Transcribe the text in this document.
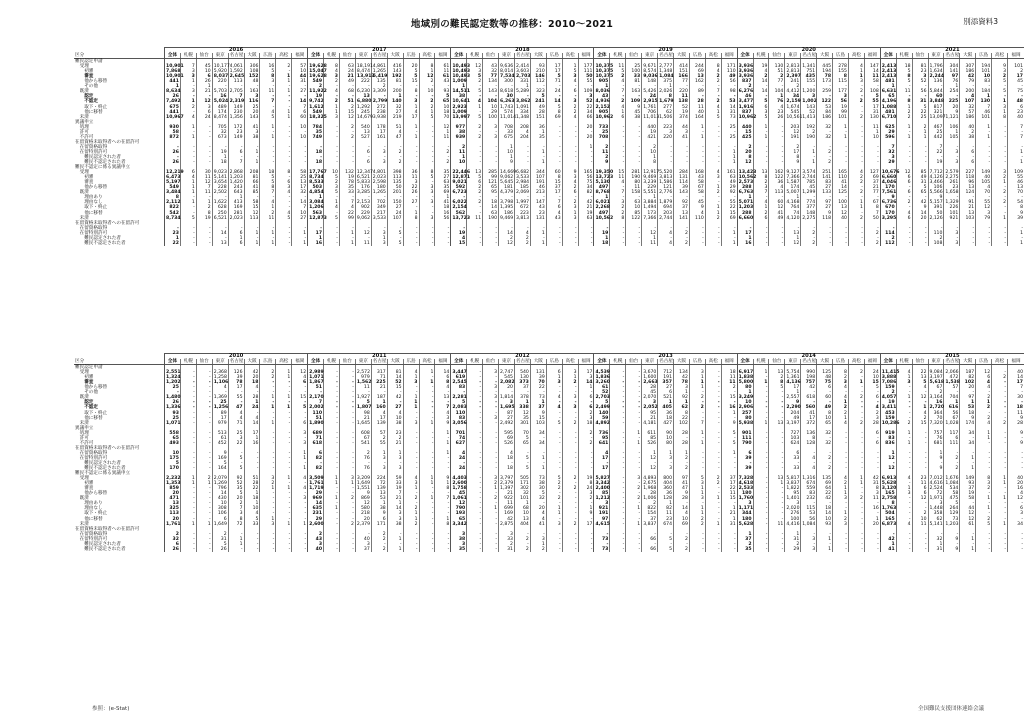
地域別の難民認定数等の推移：2010～2021	別添資料3
	2016									2017									2018									2019									2020									2021								
区分	全体	札幌	仙台	東京	名古屋	大阪	広島	高松	福岡	全体	札幌	仙台	東京	名古屋	大阪	広島	高松	福岡	全体	札幌	仙台	東京	名古屋	大阪	広島	高松	福岡	全体	札幌	仙台	東京	名古屋	大阪	広島	高松	福岡	全体	札幌	仙台	東京	名古屋	大阪	広島	高松	福岡	全体	札幌	仙台	東京	名古屋	大阪	広島	高松	福岡
難民認定申請																																																						
　受理	10,901	7	45	10,177	4,061	306	16	2	57	19,628	8	63	18,191	4,861	416	20	8	61	10,493	12	43	9,636	2,414	93	17	1	177	10,375	11	25	9,671	2,777	414	244	8	171	3,936	19	130	2,813	1,341	445	278	4	147	2,413	18	81	1,796	304	307	194	9	101
　　初審	7,868	3	10	5,920	1,592	108	5	-	10	15,047	4	24	8,474	1,265	143	5	1	11	10,493	3	32	8,014	3,603	210	17	5	111	10,375	5	100	8,574	1,348	151	69	4	110	3,936	4	51	2,813	751	194	155	1	14	2,413	5	23	1,634	141	186	101	3	2
　　審査	10,901	3	6	8,037	2,645	152	8	1	44	19,628	3	21	13,913	5,419	192	5	12	61	10,493	5	77	7,534	2,703	146	5	3	50	10,375	2	33	9,036	1,084	166	13	2	49	3,936	2	2	2,397	435	78	8	1	11	2,413	8	3	2,244	97	42	10	2	17
　　他から移替	441	1	26	220	113	48	3	1	31	549	2	49	222	135	81	15	2	43	1,009	2	134	300	331	112	71	4	55	905	4	81	148	375	77	162	2	56	837	14	77	241	155	173	115	3	58	481	5	52	136	76	79	83	5	45
　　その他	1	-	1	-	-	-	-	-	-	2	-	-	-	2	-	-	-	-	1	-	-	-	1	-	-	-	-	1	-	-	-	1	-	-	-	-	2	-	-	2	-	-	-	-	-	1	-	-	-	1	-	-	-	-
　既済	8,634	3	21	5,703	2,705	163	11	1	27	11,922	4	68	6,230	3,309	200	8	10	93	14,511	5	143	8,618	5,289	323	24	6	109	8,036	7	163	5,426	2,026	220	89	7	98	6,276	14	104	4,412	1,200	259	177	2	108	6,631	11	56	5,844	254	200	184	5	75
　　認定	26	-	-	16	7	3	-	-	-	19	-	-	13	-	1	-	-	5	38	-	-	30	-	5	-	-	3	43	-	-	24	8	11	-	-	-	46	-	1	34	3	-	3	-	5	65	-	-	60	-	4	1	-	-
　　不認定	7,492	1	12	5,024	2,319	116	7	-	14	9,742	2	51	6,880	2,799	140	3	2	65	10,641	4	104	6,263	3,862	241	14	3	52	4,936	2	109	2,915	1,679	138	28	2	53	3,477	5	76	2,159	1,002	122	56	2	55	4,196	8	31	3,848	225	107	130	1	48
　　取下・終止	675	2	3	489	149	25	-	-	7	1,612	1	2	1,292	272	32	1	2	10	2,923	1	10	1,743	1,091	49	5	2	22	2,152	4	9	1,761	277	52	11	4	14	1,916	6	4	1,674	143	53	19	-	17	1,088	1	5	817	20	32	7	3	6
　　他に移替	441	-	6	174	230	20	4	1	6	549	1	15	245	238	27	4	1	18	1,009	-	29	574	334	28	8	2	34	905	1	45	706	62	19	40	1	31	837	3	23	545	52	84	99	-	31	481	2	22	321	9	57	46	1	23
　未済	10,967	4	24	8,474	1,356	143	5	1	60	18,325	3	12	14,679	3,938	219	17	5	70	13,997	5	100	11,014	1,348	151	69	4	66	10,962	6	38	11,013	1,506	374	164	5	73	10,962	5	26	10,561	1,413	186	101	2	130	6,710	2	25	13,097	1,121	186	101	8	40
異議申立																																																						
　処理	930	1	-	705	172	41	1	-	10	784	-	2	540	178	51	1	-	12	977	2	3	708	208	36	-	-	20	733	-	-	440	223	44	1	-	25	440	1	-	203	192	32	1	-	11	625	1	2	467	106	40	1	-	7
　許可	58	-	-	32	23	3	-	-	-	35	-	-	13	17	4	-	-	1	38	-	-	33	4	1	-	-	-	25	-	-	19	3	3	-	-	-	15	-	-	12	2	-	-	-	1	29	-	1	25	1	2	-	-	-
　不許可	872	1	-	673	149	38	1	-	10	749	-	2	527	161	47	1	-	11	939	2	3	675	204	35	-	-	20	708	-	-	421	220	41	1	-	25	425	1	-	191	190	32	1	-	10	596	1	1	442	105	38	1	-	7
在留資格未取得者への在留許可																																																						
　在留資格取得	-	-	-	-	-	-	-	-	-	-	-	-	-	-	-	-	-	-	2	-	-	1	-	-	-	-	1	2	-	-	2	-	-	-	-	-	2	-	-	2	-	-	-	-	-	7	-	-	7	-	-	-	-	-
　在留特別許可	26	-	-	19	6	1	-	-	-	18	-	-	6	3	2	-	-	2	11	-	-	10	-	1	-	-	-	11	-	-	10	-	-	-	-	1	20	-	-	17	1	2	-	-	-	32	-	-	22	3	6	-	-	1
　　難民認定された者	-	-	-	1	-	-	-	-	-	-	-	-	-	-	-	-	-	-	1	-	-	1	-	-	-	-	-	2	-	-	1	-	-	-	-	1	8	-	-	8	-	-	-	-	-	3	-	-	-	-	-	-	-	-
　　難民不認定された者	26	-	-	18	7	1	-	-	-	18	-	-	6	3	2	-	-	2	10	-	-	9	-	1	-	-	-	9	-	-	8	-	-	-	-	1	12	-	-	9	1	2	-	-	-	29	-	-	19	3	6	-	-	1

難民不認定に係る異議申立																																																						
　受理	12,219	6	30	9,023	2,868	208	18	8	58	17,767	10	132	12,347	4,801	398	36	8	35	22,446	13	285	14,669	6,682	344	60	9	165	19,350	15	281	12,917	5,520	284	168	4	161	13,423	13	162	9,127	3,574	251	165	4	127	10,676	12	85	7,712	2,579	227	149	3	109
　　初審	6,473	4	11	5,141	1,203	81	5	-	25	8,734	5	19	6,521	2,023	113	11	5	27	12,871	5	99	9,062	3,533	107	8	3	56	13,723	11	190	9,469	3,813	131	43	3	63	10,562	8	122	7,366	2,744	141	110	2	69	6,660	6	49	4,126	2,275	118	40	2	55
　　審査	5,197	1	12	3,654	1,420	66	5	6	13	8,533	2	78	5,833	2,598	135	3	-	63	9,021	6	121	5,645	2,984	191	15	4	75	5,130	4	80	3,239	1,586	114	58	-	49	2,573	2	36	1,587	785	83	41	2	37	4,046	6	31	3,466	261	96	105	1	46
　　他から移替	549	1	7	228	243	41	8	3	17	503	3	35	176	180	50	22	3	35	592	2	65	181	185	46	37	2	34	497	-	11	229	121	39	67	1	29	288	3	4	174	45	27	14	-	21	170	-	5	106	23	13	4	-	13
　既済	3,484	1	11	2,502	643	85	7	4	32	4,854	5	33	3,285	1,265	201	26	3	69	6,723	2	95	4,379	2,069	213	17	6	82	8,768	7	158	5,551	2,776	143	58	2	92	6,763	7	113	5,007	1,299	133	125	2	77	7,561	6	65	5,566	1,658	124	70	2	70
　　理由あり	8	-	-	-	1	-	-	-	-	1	-	-	-	-	-	-	-	1	-	-	-	-	-	-	-	-	-	1	-	-	1	-	-	-	-	-	1	-	-	1	-	-	-	-	-	9	-	-	9	-	-	-	-	-
　　理由なし	2,112	1	1	1,622	413	58	4	-	14	3,084	1	7	2,153	702	150	27	3	41	6,022	2	18	3,798	1,997	147	7	2	42	6,021	3	63	3,884	1,879	92	45	-	55	5,071	4	60	4,168	774	97	100	1	67	6,736	2	42	5,157	1,329	91	55	2	54
　　取下・終止	822	-	2	628	169	15	1	-	7	1,206	4	4	902	349	27	-	-	18	2,154	-	14	1,395	672	43	6	3	21	2,268	2	10	1,494	694	37	9	1	22	1,203	1	12	764	377	27	13	1	8	670	-	9	391	226	21	12	-	8
　　他に移替	542	-	8	250	281	12	2	4	10	563	-	22	229	217	24	1	-	16	562	-	63	186	223	23	4	1	19	497	2	85	173	203	13	4	1	15	288	2	41	74	148	9	12	-	7	170	4	14	50	101	13	3	-	9
　未済	8,734	5	19	6,521	2,023	113	11	5	27	12,873	5	99	9,062	3,533	107	8	3	56	13,723	11	190	9,469	3,813	131	43	3	63	10,562	8	122	7,366	2,744	141	110	2	69	6,660	6	49	4,120	2,275	118	40	2	50	3,295	6	20	2,126	921	103	79	1	39
在留資格未取得者への在留許可																																																						
　在留資格取得	-	-	-	-	-	-	-	-	-	-	-	-	-	-	-	-	-	-	-	-	-	-	-	-	-	-	-	-	-	-	-	-	-	-	-	-	-	-	-	-	-	-	-	-	-	-	-	-	-	-	-	-	-	-
　在留特別許可	23	-	-	14	6	1	1	-	1	17	-	1	12	3	5	-	-	-	19	-	-	14	4	1	-	-	-	19	-	-	12	4	2	-	-	1	17	-	-	13	2	-	-	-	2	114	-	-	110	3	-	-	-	1
　　難民認定された者	1	-	-	-	1	-	-	-	-	1	-	-	-	1	-	-	-	-	4	-	-	2	2	-	-	-	-	1	-	-	1	-	-	-	-	-	1	-	-	1	-	-	-	-	-	2	-	-	2	-	-	-	-	-
　　難民不認定された者	22	-	-	13	6	1	1	-	1	16	-	1	11	3	5	-	-	-	15	-	-	12	2	1	-	-	-	18	-	-	11	4	2	-	-	1	16	-	-	12	2	-	-	-	2	112	-	-	108	3	-	-	-	1
	2010									2011									2012									2013									2014									2015								
区分	全体	札幌	仙台	東京	名古屋	大阪	広島	高松	福岡	全体	札幌	仙台	東京	名古屋	大阪	広島	高松	福岡	全体	札幌	仙台	東京	名古屋	大阪	広島	高松	福岡	全体	札幌	仙台	東京	名古屋	大阪	広島	高松	福岡	全体	札幌	仙台	東京	名古屋	大阪	広島	高松	福岡	全体	札幌	仙台	東京	名古屋	大阪	広島	高松	福岡
難民認定申請																																																						
　受理	2,551	-	-	2,368	126	42	2	1	12	2,989	-	-	2,572	317	81	4	1	14	3,447	-	3	2,747	540	131	6	3	17	4,539	-	-	3,670	712	134	3	-	18	6,917	1	13	5,754	990	125	8	2	24	11,415	4	22	9,084	2,066	187	12	-	40
　　初審	1,324	-	-	1,258	39	20	2	1	4	1,071	-	-	979	71	14	1	-	6	619	-	-	545	130	39	1	1	3	1,836	-	-	1,600	191	42	1	-	11	1,838	-	2	1,361	198	48	2	-	10	3,888	1	13	3,197	472	82	6	2	14
　　審査	1,202	-	-	1,106	78	18	-	-	6	1,867	-	-	1,562	225	52	3	1	8	2,545	-	-	2,082	373	70	3	2	14	3,260	-	-	2,663	357	78	1	-	11	5,800	1	8	4,136	757	75	3	1	15	7,086	3	5	5,618	1,538	102	4	-	17
　　他から移替	25	-	-	4	17	4	-	-	-	51	-	-	11	21	15	-	-	4	83	-	3	20	37	22	-	-	1	61	-	-	28	27	3	1	-	2	80	-	5	17	42	6	4	-	5	159	-	4	67	57	20	4	-	7
　　その他	-	-	-	-	-	-	-	-	-	-	-	-	-	-	-	-	-	-	-	-	-	-	-	-	-	-	-	52	-	-	45	6	1	-	-	-	1	-	-	1	-	-	-	-	-	2	-	-	2	-	-	-	-	-
　既済	1,480	-	-	1,369	55	28	1	1	15	2,170	-	-	1,927	187	42	1	-	13	2,281	-	3	1,814	378	73	4	3	6	2,703	-	-	2,070	521	92	2	-	15	3,249	-	-	2,557	618	60	4	2	6	4,057	1	12	3,164	704	97	2	-	30
　　認定	26	-	-	25	-	1	-	-	-	7	-	-	5	1	-	1	-	-	5	-	-	3	1	1	-	-	-	5	-	-	3	1	1	-	-	-	10	-	-	9	-	-	1	-	-	19	-	-	16	1	1	1	-	-
　　不認定	1,336	-	-	1,256	47	24	1	1	5	2,002	-	-	1,807	160	27	1	-	7	2,083	-	-	1,695	338	37	4	3	6	2,499	-	-	2,052	405	62	2	-	16	2,906	-	-	2,290	560	49	2	-	4	3,411	-	1	2,720	616	53	2	-	18
　　取下・終止	93	-	-	89	4	-	-	-	-	110	-	-	98	4	4	-	-	4	110	-	-	87	12	9	-	-	2	140	-	-	95	36	8	-	-	1	257	-	-	204	41	8	2	-	2	453	-	4	364	56	18	-	-	11
　　他に移替	25	-	-	17	4	4	-	-	-	51	-	-	21	17	10	-	-	3	83	-	3	27	35	15	-	-	3	59	-	-	21	18	22	-	-	-	80	-	-	49	17	10	1	-	3	159	-	2	70	67	9	2	-	9
　未済	1,071	-	-	979	71	14	1	-	6	1,890	-	-	1,645	139	38	3	1	9	3,056	-	-	2,492	301	103	5	2	18	4,892	-	-	4,181	427	102	7	-	9	5,938	1	13	3,197	372	65	4	2	28	10,286	2	15	7,320	1,028	174	4	2	28
異議申立																																																						
　処理	558	-	-	513	25	17	-	-	3	689	-	-	608	57	23	-	-	1	701	-	-	595	70	34	-	-	2	736	-	1	611	90	28	1	-	5	901	-	-	727	136	32	-	-	6	919	1	-	757	117	34	1	-	9
　許可	65	-	-	61	3	1	-	-	-	71	-	-	67	2	2	-	-	-	74	-	-	69	5	-	-	-	-	95	-	-	85	10	-	-	-	-	111	-	-	103	8	-	-	-	-	83	-	-	76	6	-	1	-	-
　不許可	493	-	-	452	22	16	-	-	3	618	-	-	541	55	21	-	-	1	627	-	-	526	65	34	-	-	2	641	-	1	526	80	28	1	-	5	790	-	-	624	128	32	-	-	6	836	1	-	681	111	34	-	-	9
在留資格未取得者への在留許可																																																						
　在留資格取得	10	-	-	9	-	-	-	-	1	6	-	-	2	1	1	-	-	1	4	-	-	4	-	-	-	-	-	4	-	-	1	1	1	-	-	1	6	-	-	6	-	-	-	-	-	1	-	-	1	-	-	-	-	-
　在留特別許可	175	-	-	169	5	-	-	-	1	82	-	-	76	3	3	-	-	-	24	-	-	18	5	1	-	-	-	17	-	-	12	3	2	-	-	-	39	-	-	33	4	2	-	-	-	12	-	-	9	2	1	-	-	-
　　難民認定された者	5	-	-	5	-	-	-	-	-	-	-	-	-	-	-	-	-	-	-	-	-	-	-	-	-	-	-	-	-	-	-	-	-	-	-	-	-	-	-	-	-	-	-	-	-	-	-	-	-	-	-	-	-	-
　　難民不認定された者	170	-	-	164	5	-	-	-	1	82	-	-	76	3	3	-	-	-	24	-	-	18	5	1	-	-	-	17	-	-	12	3	2	-	-	-	39	-	-	33	4	2	-	-	-	12	-	-	9	2	1	-	-	-

難民不認定に係る異議申立																																																						
　受理	2,232	1	2	2,079	92	51	3	1	4	3,509	1	3	3,209	224	59	4	1	9	4,403	-	3	3,797	505	73	5	2	19	5,827	-	3	4,893	800	97	5	2	37	7,328	-	13	5,817	1,316	135	4	1	42	6,913	4	23	7,012	1,676	149	8	1	40
　　初審	1,353	1	1	1,269	52	28	2	-	-	1,761	1	1	1,649	72	33	3	1	1	2,600	-	2	2,379	171	38	2	-	8	3,342	-	-	2,675	404	41	3	2	17	4,618	-	1	3,837	674	69	2	1	31	5,628	-	11	4,616	1,084	93	3	1	20
　　審査	859	-	-	796	35	22	1	1	4	1,719	-	-	1,551	139	19	1	-	8	1,758	-	1	1,397	302	30	2	2	24	2,400	-	2	1,968	360	47	1	-	22	2,533	-	-	1,822	559	64	1	-	8	3,120	1	6	2,524	534	37	2	-	16
　　他から移替	20	-	-	14	5	1	-	-	-	29	-	-	9	13	7	-	-	-	45	-	-	21	32	5	-	-	3	85	-	-	28	36	9	1	-	11	180	-	-	95	83	22	1	-	3	165	3	6	72	58	19	-	-	4
　既済	471	-	-	430	20	18	-	-	3	969	1	2	869	53	21	2	1	7	1,061	-	2	922	101	32	2	-	2	1,212	-	2	1,006	128	28	3	1	15	1,760	-	-	1,401	232	42	3	2	11	2,758	-	12	1,971	475	58	1	1	12
　　理由あり	13	-	-	10	2	1	-	-	-	14	-	-	12	1	1	-	-	-	12	-	-	11	1	-	-	-	-	3	-	-	2	1	-	-	-	-	3	-	-	3	-	-	-	-	-	8	-	-	3	5	-	-	-	-
　　理由なし	325	-	-	308	7	10	-	-	-	635	1	-	580	38	14	2	-	-	790	-	1	699	68	20	1	-	1	921	-	1	822	82	14	1	-	1	1,171	-	-	2,020	115	18	-	-	16	1,763	-	-	1,448	264	44	1	-	6
　　取下・終止	113	-	-	106	3	4	-	-	-	231	-	-	218	9	3	1	-	-	193	-	-	169	10	4	1	-	9	191	-	-	154	11	4	1	-	21	344	-	-	276	53	14	1	-	-	504	-	2	358	129	12	-	-	3
　　他に移替	20	-	-	6	8	5	1	-	-	29	-	-	20	6	3	1	-	1	65	-	-	42	13	4	-	-	-	97	-	-	37	23	10	2	-	1	180	-	-	100	56	10	2	-	1	165	-	10	62	73	12	2	-	-
　未済	1,761	1	1	1,649	72	33	3	1	1	2,600	-	2	2,379	171	38	2	-	8	3,342	-	-	2,875	404	41	3	2	17	4,615	-	1	3,837	674	69	2	1	31	5,628	-	11	4,416	1,084	93	3	-	20	6,873	4	11	5,141	1,203	61	5	1	34
在留資格未取得者への在留許可																																																						
　在留資格取得	2	-	-	2	-	-	-	-	-	2	-	-	-	2	-	-	-	-	3	-	-	3	-	-	-	-	-	-	-	-	-	-	-	-	-	-	1	-	-	1	-	-	-	-	-	-	-	-	-	-	-	-	-	-
　在留特別許可	32	-	-	31	1	-	-	-	-	43	-	-	40	2	1	-	-	-	38	-	-	33	2	3	-	-	-	73	-	-	66	5	2	-	-	-	37	-	-	31	3	1	-	-	-	42	-	-	32	9	1	-	-	-
　　難民認定された者	6	-	-	5	1	-	-	-	-	3	-	-	3	-	-	-	-	-	3	-	-	2	-	1	-	-	-	-	-	-	-	-	-	-	-	-	2	-	-	2	-	-	-	-	-	1	-	-	1	-	-	-	-	-
　　難民不認定された者	26	-	-	26	-	-	-	-	-	40	-	-	37	2	1	-	-	-	35	-	-	31	2	2	-	-	-	73	-	-	66	5	2	-	-	-	35	-	-	29	3	1	-	-	-	41	-	-	31	9	1	-	-	-
参照：(e-Stat)	全国難民支援団体連絡会議
